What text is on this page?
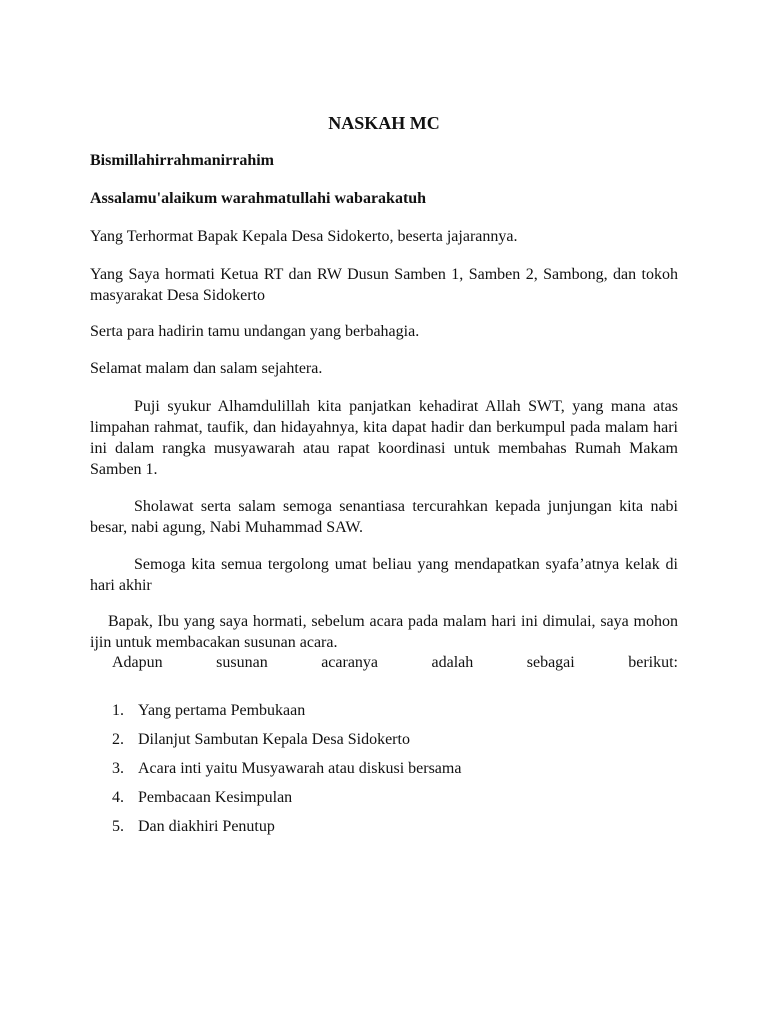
NASKAH MC
Bismillahirrahmanirrahim
Assalamu'alaikum warahmatullahi wabarakatuh
Yang Terhormat Bapak Kepala Desa Sidokerto, beserta jajarannya.
Yang Saya hormati Ketua RT dan RW Dusun Samben 1, Samben 2, Sambong, dan tokoh masyarakat Desa Sidokerto
Serta para hadirin tamu undangan yang berbahagia.
Selamat malam dan salam sejahtera.
Puji syukur Alhamdulillah kita panjatkan kehadirat Allah SWT, yang mana atas limpahan rahmat, taufik, dan hidayahnya, kita dapat hadir dan berkumpul pada malam hari ini dalam rangka musyawarah atau rapat koordinasi untuk membahas Rumah Makam Samben 1.
Sholawat serta salam semoga senantiasa tercurahkan kepada junjungan kita nabi besar, nabi agung, Nabi Muhammad SAW.
Semoga kita semua tergolong umat beliau yang mendapatkan syafa’atnya kelak di hari akhir
Bapak, Ibu yang saya hormati, sebelum acara pada malam hari ini dimulai, saya mohon ijin untuk membacakan susunan acara.
Adapun	susunan	acaranya	adalah	sebagai	berikut:
1. Yang pertama Pembukaan
2. Dilanjut Sambutan Kepala Desa Sidokerto
3. Acara inti yaitu Musyawarah atau diskusi bersama
4. Pembacaan Kesimpulan
5. Dan diakhiri Penutup
